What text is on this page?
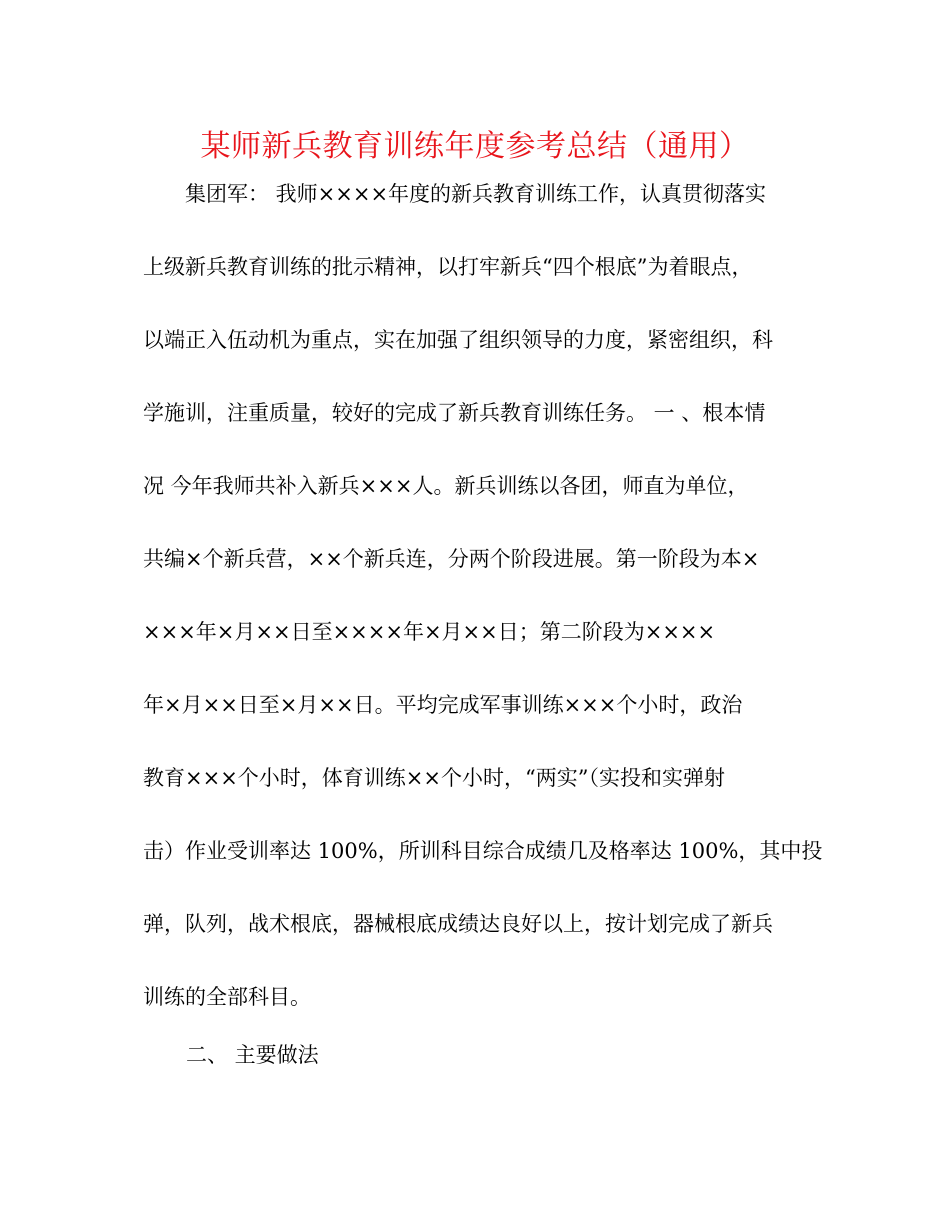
某师新兵教育训练年度参考总结（通用）

集团军： 我师××××年度的新兵教育训练工作，认真贯彻落实

上级新兵教育训练的批示精神，以打牢新兵“四个根底”为着眼点，

以端正入伍动机为重点，实在加强了组织领导的力度，紧密组织，科

学施训，注重质量，较好的完成了新兵教育训练任务。 一 、根本情

况 今年我师共补入新兵×××人。新兵训练以各团，师直为单位，

共编×个新兵营，××个新兵连，分两个阶段进展。第一阶段为本×

×××年×月××日至××××年×月××日；第二阶段为××××

年×月××日至×月××日。平均完成军事训练×××个小时，政治

教育×××个小时，体育训练××个小时，“两实”（实投和实弹射

击）作业受训率达 100%，所训科目综合成绩几及格率达 100%，其中投

弹，队列，战术根底，器械根底成绩达良好以上，按计划完成了新兵

训练的全部科目。

二、 主要做法
